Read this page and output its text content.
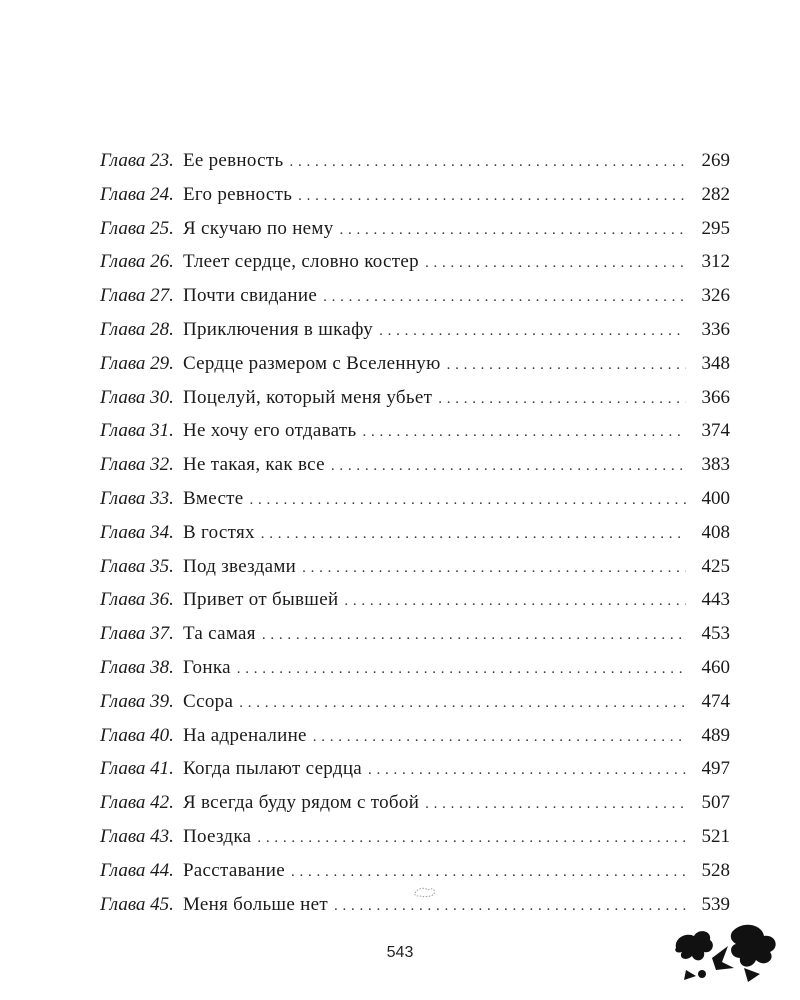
Глава 23. Ее ревность . . .	269
Глава 24. Его ревность . . .	282
Глава 25. Я скучаю по нему . . .	295
Глава 26. Тлеет сердце, словно костер . . .	312
Глава 27. Почти свидание . . .	326
Глава 28. Приключения в шкафу . . .	336
Глава 29. Сердце размером с Вселенную . . .	348
Глава 30. Поцелуй, который меня убьет . . .	366
Глава 31. Не хочу его отдавать . . .	374
Глава 32. Не такая, как все . . .	383
Глава 33. Вместе . . .	400
Глава 34. В гостях . . .	408
Глава 35. Под звездами . . .	425
Глава 36. Привет от бывшей . . .	443
Глава 37. Та самая . . .	453
Глава 38. Гонка . . .	460
Глава 39. Ссора . . .	474
Глава 40. На адреналине . . .	489
Глава 41. Когда пылают сердца . . .	497
Глава 42. Я всегда буду рядом с тобой . . .	507
Глава 43. Поездка . . .	521
Глава 44. Расставание . . .	528
Глава 45. Меня больше нет . . .	539
543
